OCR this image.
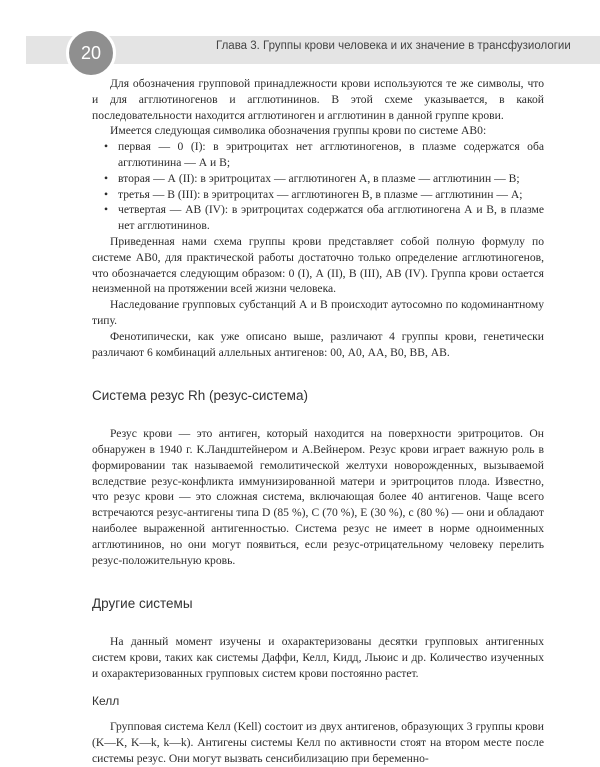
20	Глава 3. Группы крови человека и их значение в трансфузиологии

Для обозначения групповой принадлежности крови используются те же символы, что и для агглютиногенов и агглютининов. В этой схеме указывается, в какой последовательности находится агглютиноген и агглютинин в данной группе крови.

Имеется следующая символика обозначения группы крови по системе АВ0:

• первая — 0 (I): в эритроцитах нет агглютиногенов, в плазме содержатся оба агглютинина — А и В;
• вторая — А (II): в эритроцитах — агглютиноген А, в плазме — агглютинин — В;
• третья — В (III): в эритроцитах — агглютиноген В, в плазме — агглютинин — А;
• четвертая — АВ (IV): в эритроцитах содержатся оба агглютиногена А и В, в плазме нет агглютининов.

Приведенная нами схема группы крови представляет собой полную формулу по системе АВ0, для практической работы достаточно только определение агглютиногенов, что обозначается следующим образом: 0 (I), А (II), В (III), АВ (IV). Группа крови остается неизменной на протяжении всей жизни человека.

Наследование групповых субстанций А и В происходит аутосомно по кодоминантному типу.

Фенотипически, как уже описано выше, различают 4 группы крови, генетически различают 6 комбинаций аллельных антигенов: 00, А0, АА, В0, ВВ, АВ.

Система резус Rh (резус-система)

Резус крови — это антиген, который находится на поверхности эритроцитов. Он обнаружен в 1940 г. К.Ландштейнером и А.Вейнером. Резус крови играет важную роль в формировании так называемой гемолитической желтухи новорожденных, вызываемой вследствие резус-конфликта иммунизированной матери и эритроцитов плода. Известно, что резус крови — это сложная система, включающая более 40 антигенов. Чаще всего встречаются резус-антигены типа D (85 %), C (70 %), E (30 %), c (80 %) — они и обладают наиболее выраженной антигенностью. Система резус не имеет в норме одноименных агглютининов, но они могут появиться, если резус-отрицательному человеку перелить резус-положительную кровь.

Другие системы

На данный момент изучены и охарактеризованы десятки групповых антигенных систем крови, таких как системы Даффи, Келл, Кидд, Льюис и др. Количество изученных и охарактеризованных групповых систем крови постоянно растет.

Келл

Групповая система Келл (Kell) состоит из двух антигенов, образующих 3 группы крови (K—K, K—k, k—k). Антигены системы Келл по активности стоят на втором месте после системы резус. Они могут вызвать сенсибилизацию при беременно-
